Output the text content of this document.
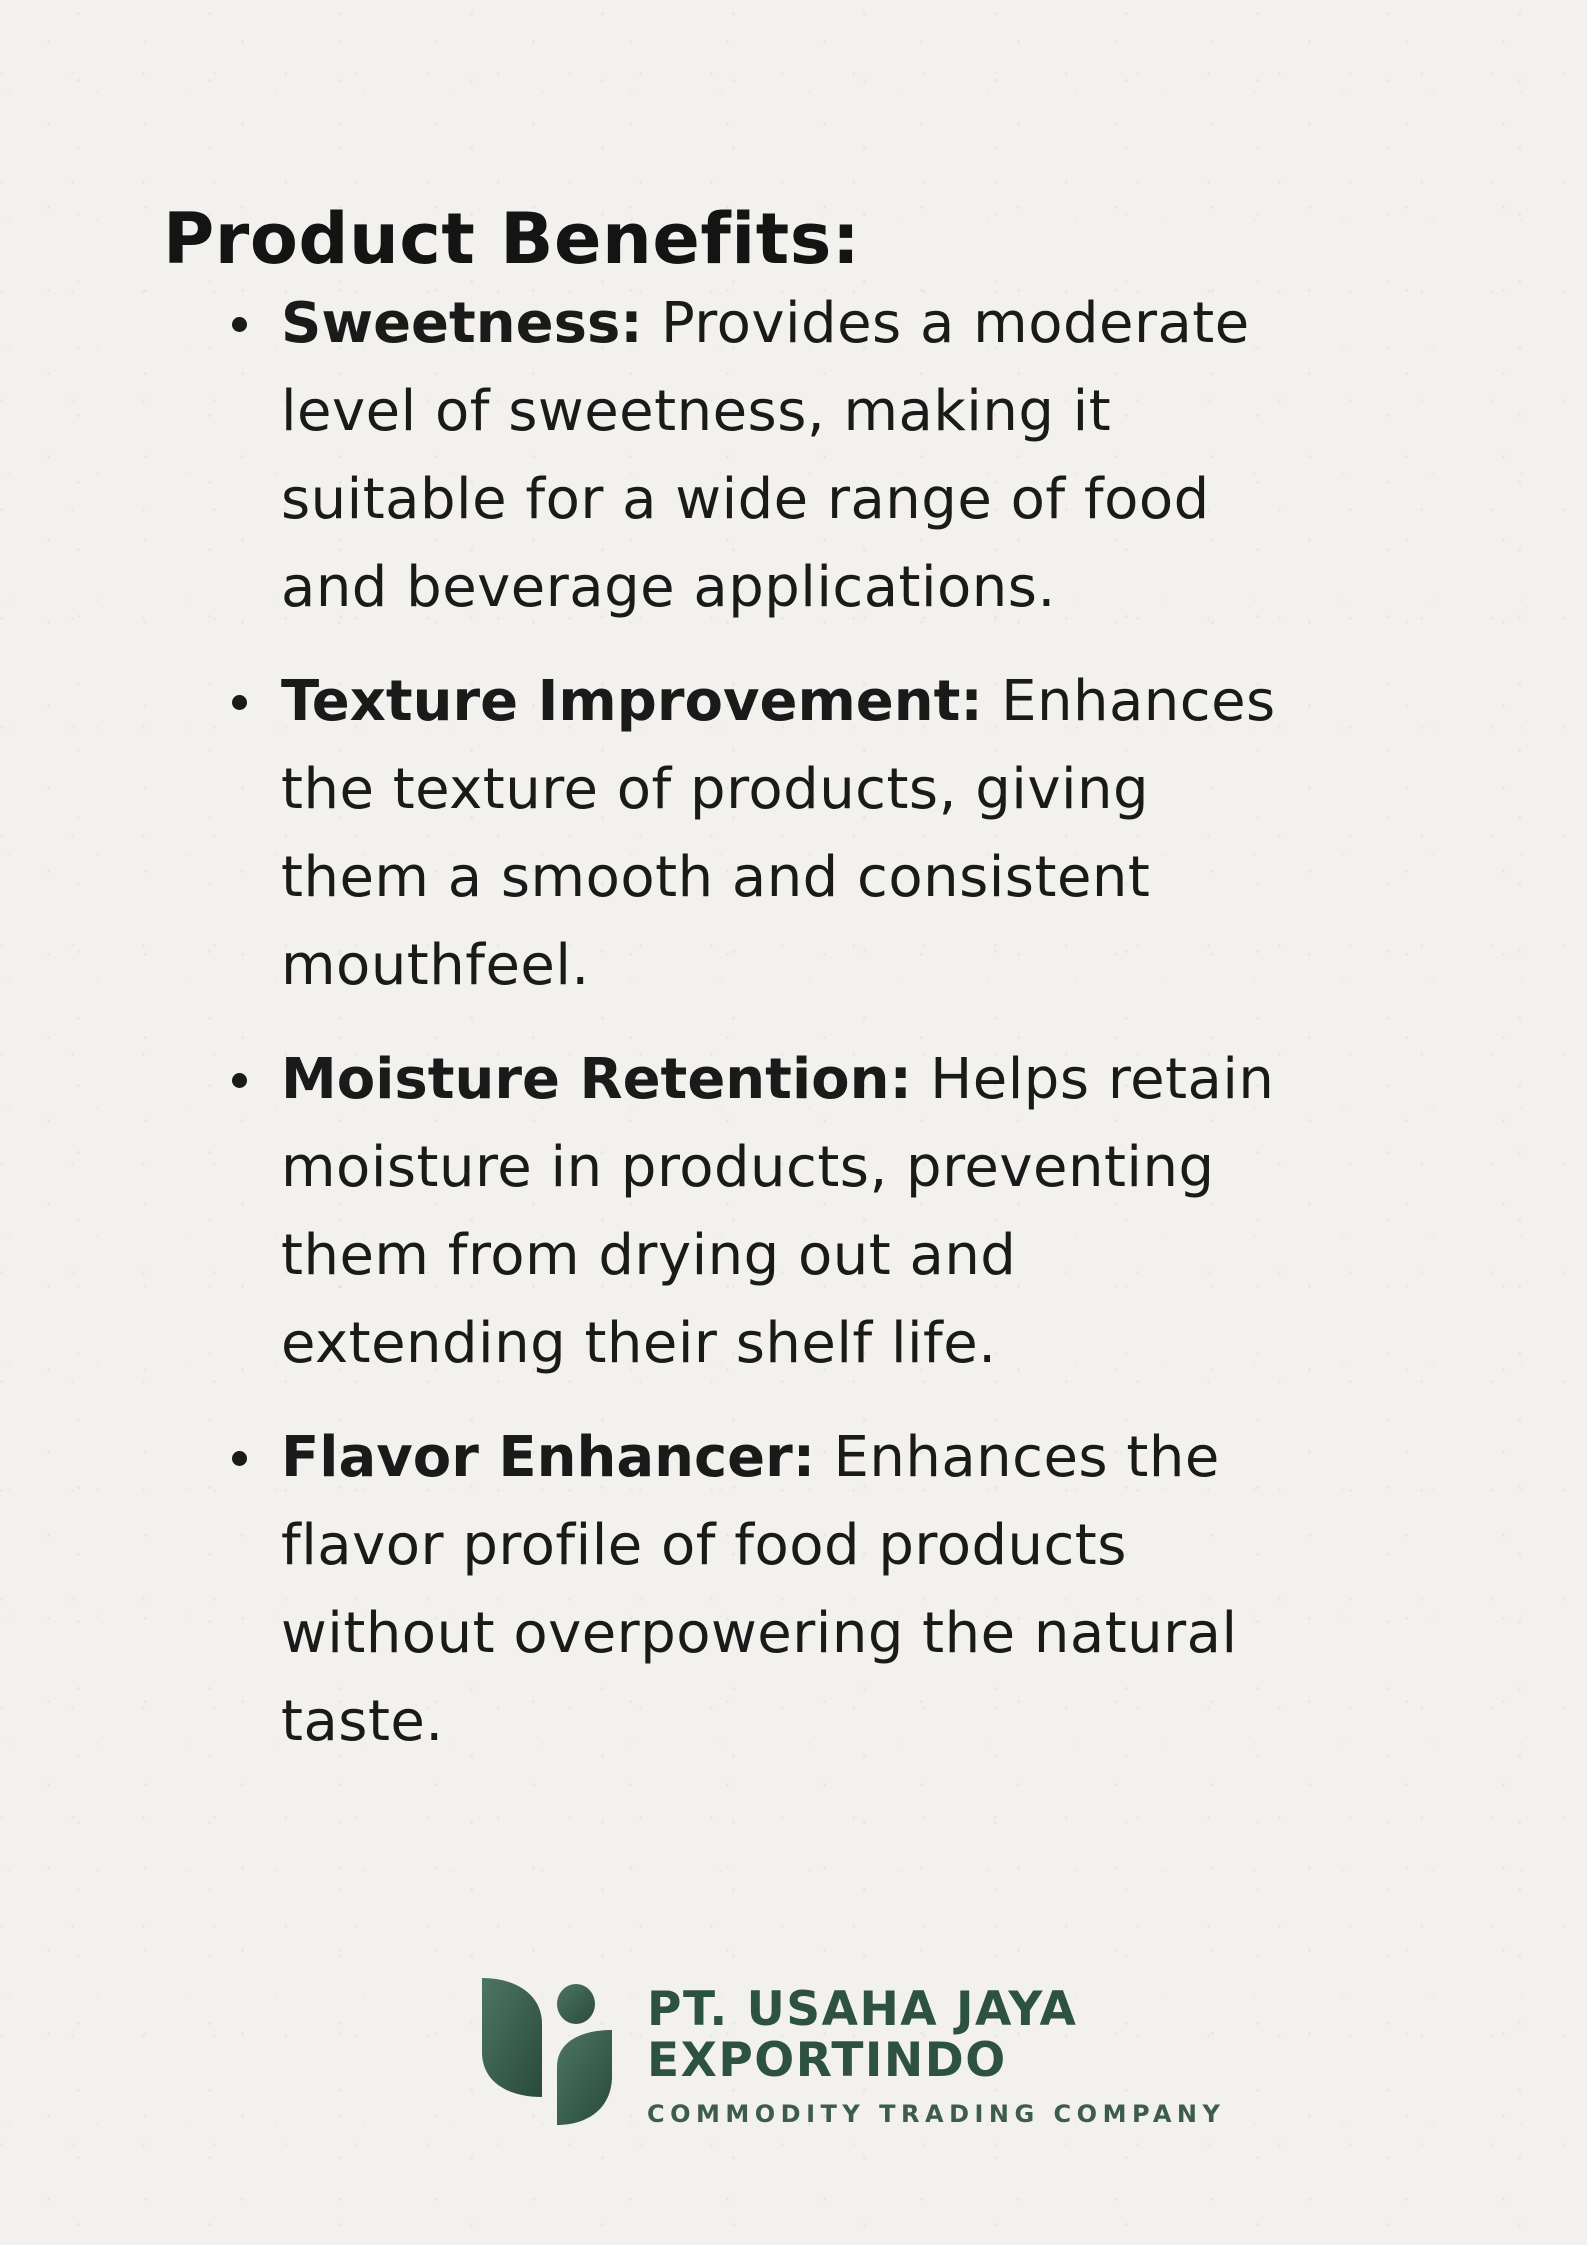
Product Benefits:
Sweetness: Provides a moderate
level of sweetness, making it
suitable for a wide range of food
and beverage applications.
Texture Improvement: Enhances
the texture of products, giving
them a smooth and consistent
mouthfeel.
Moisture Retention: Helps retain
moisture in products, preventing
them from drying out and
extending their shelf life.
Flavor Enhancer: Enhances the
flavor profile of food products
without overpowering the natural
taste.
PT. USAHA JAYA
EXPORTINDO
COMMODITY TRADING COMPANY
